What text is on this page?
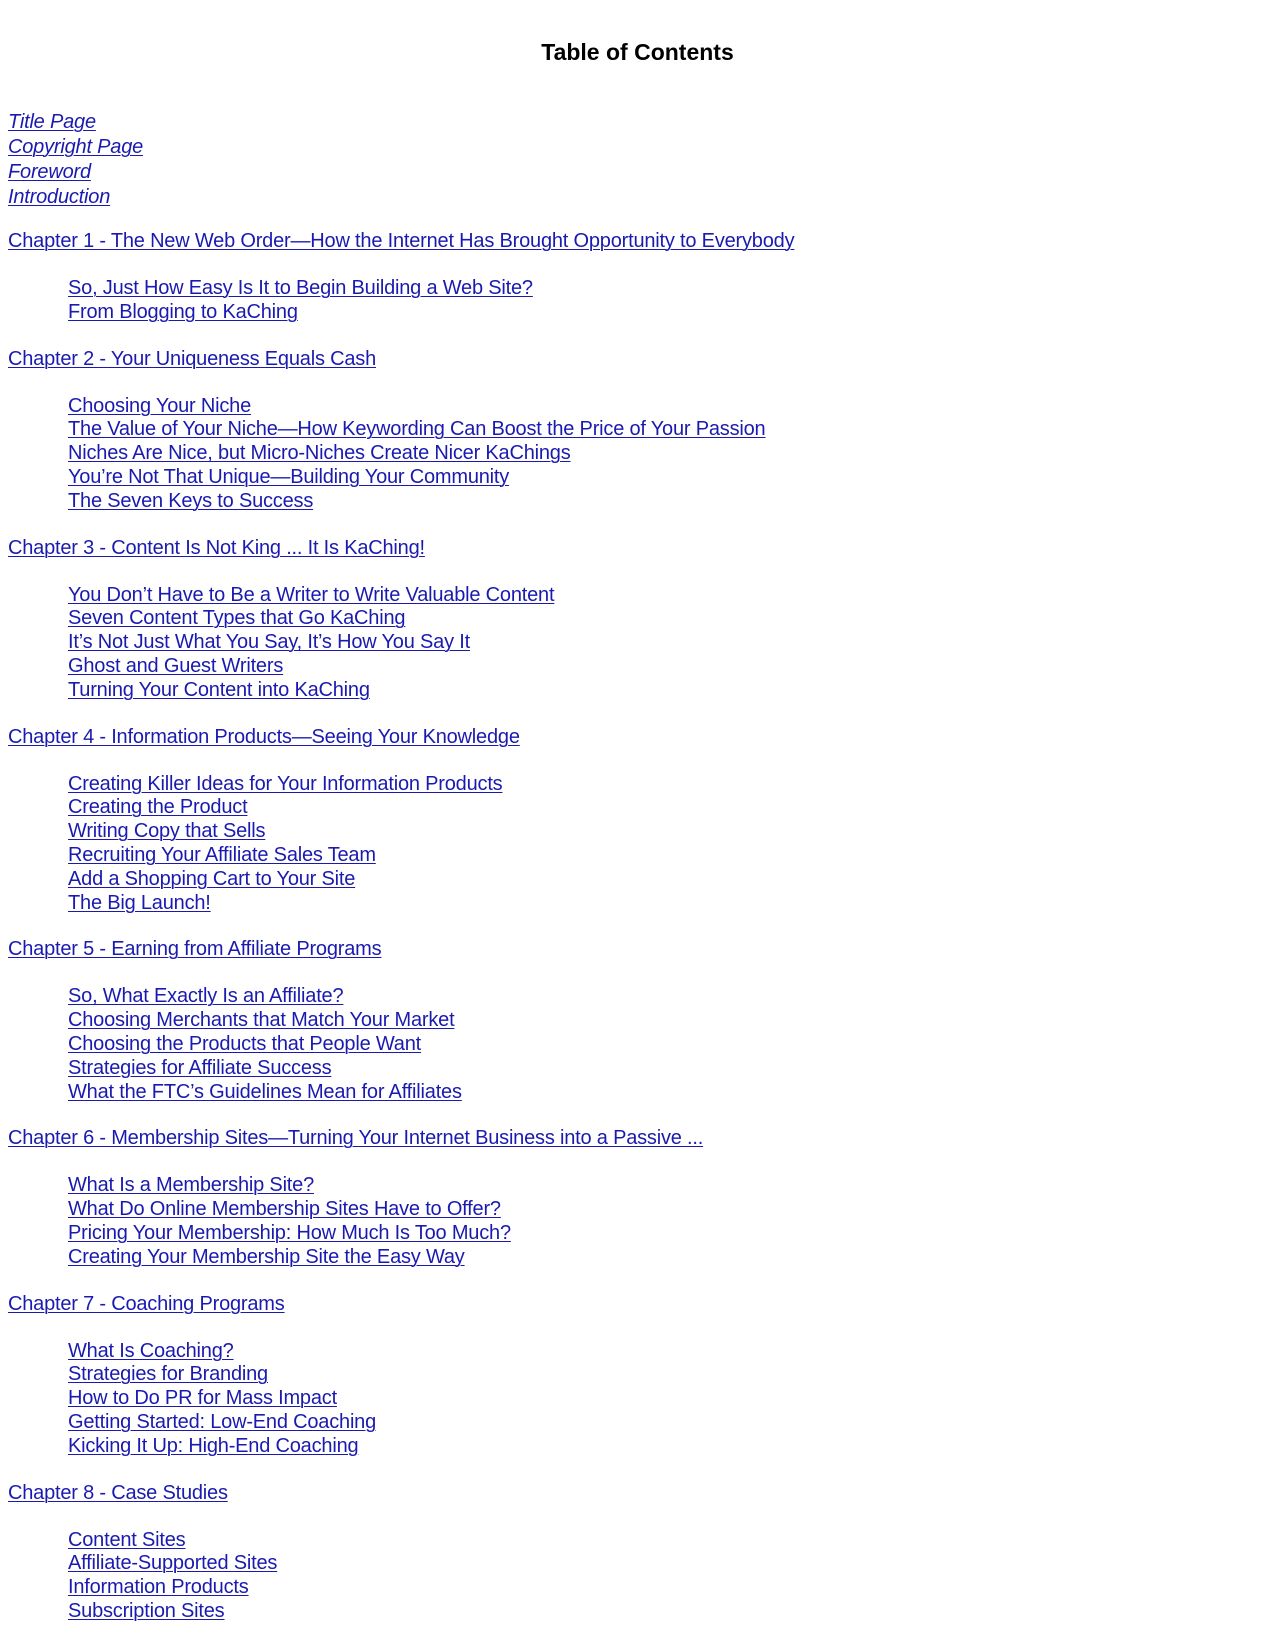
Table of Contents
Title Page
Copyright Page
Foreword
Introduction
Chapter 1 - The New Web Order—How the Internet Has Brought Opportunity to Everybody
So, Just How Easy Is It to Begin Building a Web Site?
From Blogging to KaChing
Chapter 2 - Your Uniqueness Equals Cash
Choosing Your Niche
The Value of Your Niche—How Keywording Can Boost the Price of Your Passion
Niches Are Nice, but Micro-Niches Create Nicer KaChings
You’re Not That Unique—Building Your Community
The Seven Keys to Success
Chapter 3 - Content Is Not King ... It Is KaChing!
You Don’t Have to Be a Writer to Write Valuable Content
Seven Content Types that Go KaChing
It’s Not Just What You Say, It’s How You Say It
Ghost and Guest Writers
Turning Your Content into KaChing
Chapter 4 - Information Products—Seeing Your Knowledge
Creating Killer Ideas for Your Information Products
Creating the Product
Writing Copy that Sells
Recruiting Your Affiliate Sales Team
Add a Shopping Cart to Your Site
The Big Launch!
Chapter 5 - Earning from Affiliate Programs
So, What Exactly Is an Affiliate?
Choosing Merchants that Match Your Market
Choosing the Products that People Want
Strategies for Affiliate Success
What the FTC’s Guidelines Mean for Affiliates
Chapter 6 - Membership Sites—Turning Your Internet Business into a Passive ...
What Is a Membership Site?
What Do Online Membership Sites Have to Offer?
Pricing Your Membership: How Much Is Too Much?
Creating Your Membership Site the Easy Way
Chapter 7 - Coaching Programs
What Is Coaching?
Strategies for Branding
How to Do PR for Mass Impact
Getting Started: Low-End Coaching
Kicking It Up: High-End Coaching
Chapter 8 - Case Studies
Content Sites
Affiliate-Supported Sites
Information Products
Subscription Sites
